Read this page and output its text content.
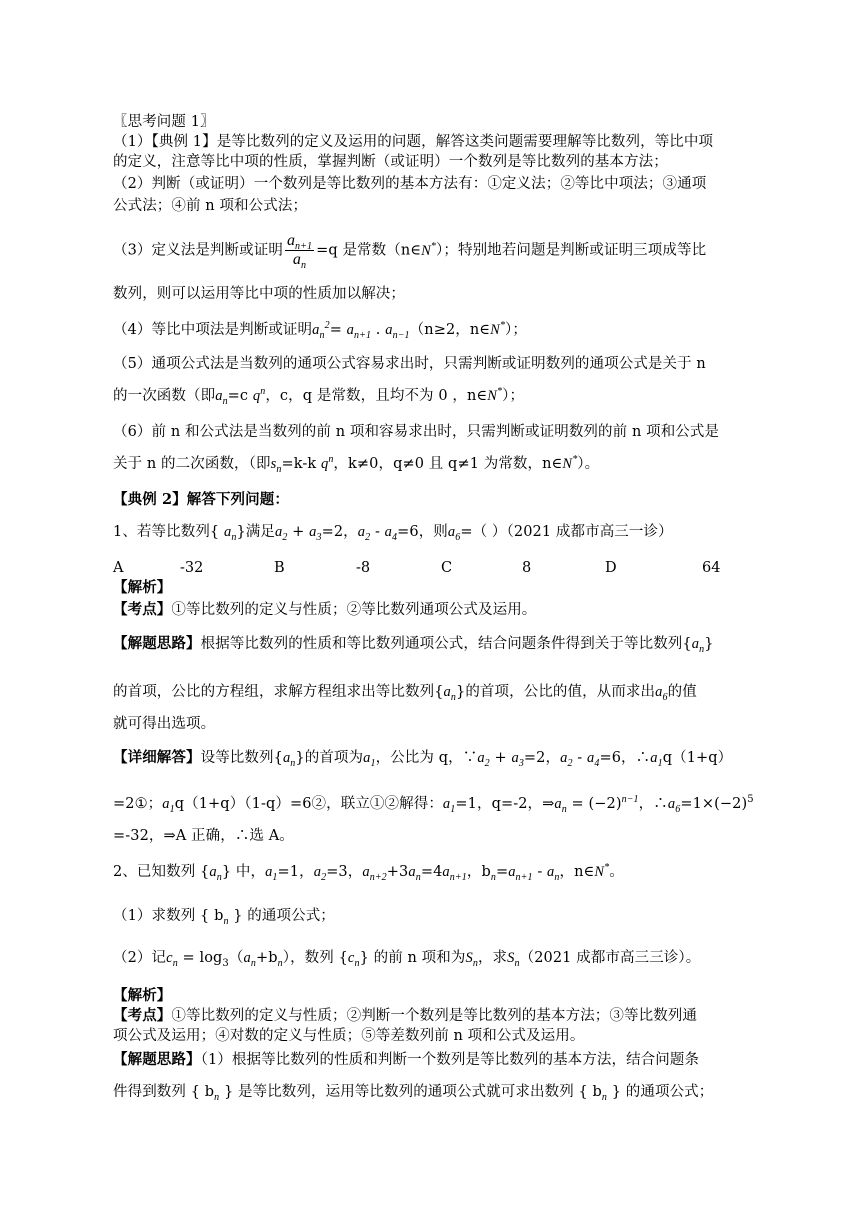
〖思考问题 1〗
（1）【典例 1】是等比数列的定义及运用的问题，解答这类问题需要理解等比数列，等比中项
的定义，注意等比中项的性质，掌握判断（或证明）一个数列是等比数列的基本方法；
（2）判断（或证明）一个数列是等比数列的基本方法有：①定义法；②等比中项法；③通项
公式法；④前 n 项和公式法；
（3）定义法是判断或证明 $\frac{a_{n+1}}{a_n} =q$ 是常数（n∈N*）；特别地若问题是判断或证明三项成等比
数列，则可以运用等比中项的性质加以解决；
（4）等比中项法是判断或证明$a_n^2= a_{n+1}$ . $a_{n-1}(n\ge 2$，n∈N*）；
（5）通项公式法是当数列的通项公式容易求出时，只需判断或证明数列的通项公式是关于 n
的一次函数（即$a_n=c$ $q^n$，c，q 是常数，且均不为 0 ，n∈N*）；
（6）前 n 和公式法是当数列的前 n 项和容易求出时，只需判断或证明数列的前 n 项和公式是
关于 n 的二次函数，（即$s_n=k-k$ $q^n$，k≠0，q≠0 且 q≠1 为常数，n∈N*）。
【典例 2】解答下列问题：
1、若等比数列{ $a_n$}满足$a_2 + a_3=2$，$a_2 - a_4=6$，则$a_6=$（ ）（2021 成都市高三一诊）
A	-32	B	-8	C	8	D	64
【解析】
【考点】①等比数列的定义与性质；②等比数列通项公式及运用。
【解题思路】根据等比数列的性质和等比数列通项公式，结合问题条件得到关于等比数列$\{a_n\}$
的首项，公比的方程组，求解方程组求出等比数列$\{a_n\}$的首项，公比的值，从而求出$a_6$的值
就可得出选项。
【详细解答】设等比数列$\{a_n\}$的首项为$a_1$，公比为 q，$\because a_2 + a_3=2$，$a_2 - a_4=6$，$\therefore a_1q(1+q)$
=2①；$a_1q(1+q)(1-q)=6②$，联立①②解得：$a_1=1$，q=-2，$\Rightarrow a_n = (-2)^{n-1}$，$\therefore a_6=1\times(-2)^5$
=-32，⇒A 正确，∴选 A。
2、已知数列 $\{a_n\}$ 中，$a_1=1$，$a_2=3$，$a_{n+2}+3a_n=4a_{n+1}$，$b_n=a_{n+1} - a_n$，n∈N*。
（1）求数列 { $b_n$ } 的通项公式；
（2）记$c_n = \log_3(a_n+b_n)$，数列 $\{c_n\}$ 的前 n 项和为$S_n$，求$S_n(2021$ 成都市高三三诊）。
【解析】
【考点】①等比数列的定义与性质；②判断一个数列是等比数列的基本方法；③等比数列通
项公式及运用；④对数的定义与性质；⑤等差数列前 n 项和公式及运用。
【解题思路】（1）根据等比数列的性质和判断一个数列是等比数列的基本方法，结合问题条
件得到数列 { $b_n$ } 是等比数列，运用等比数列的通项公式就可求出数列 { $b_n$ } 的通项公式；
